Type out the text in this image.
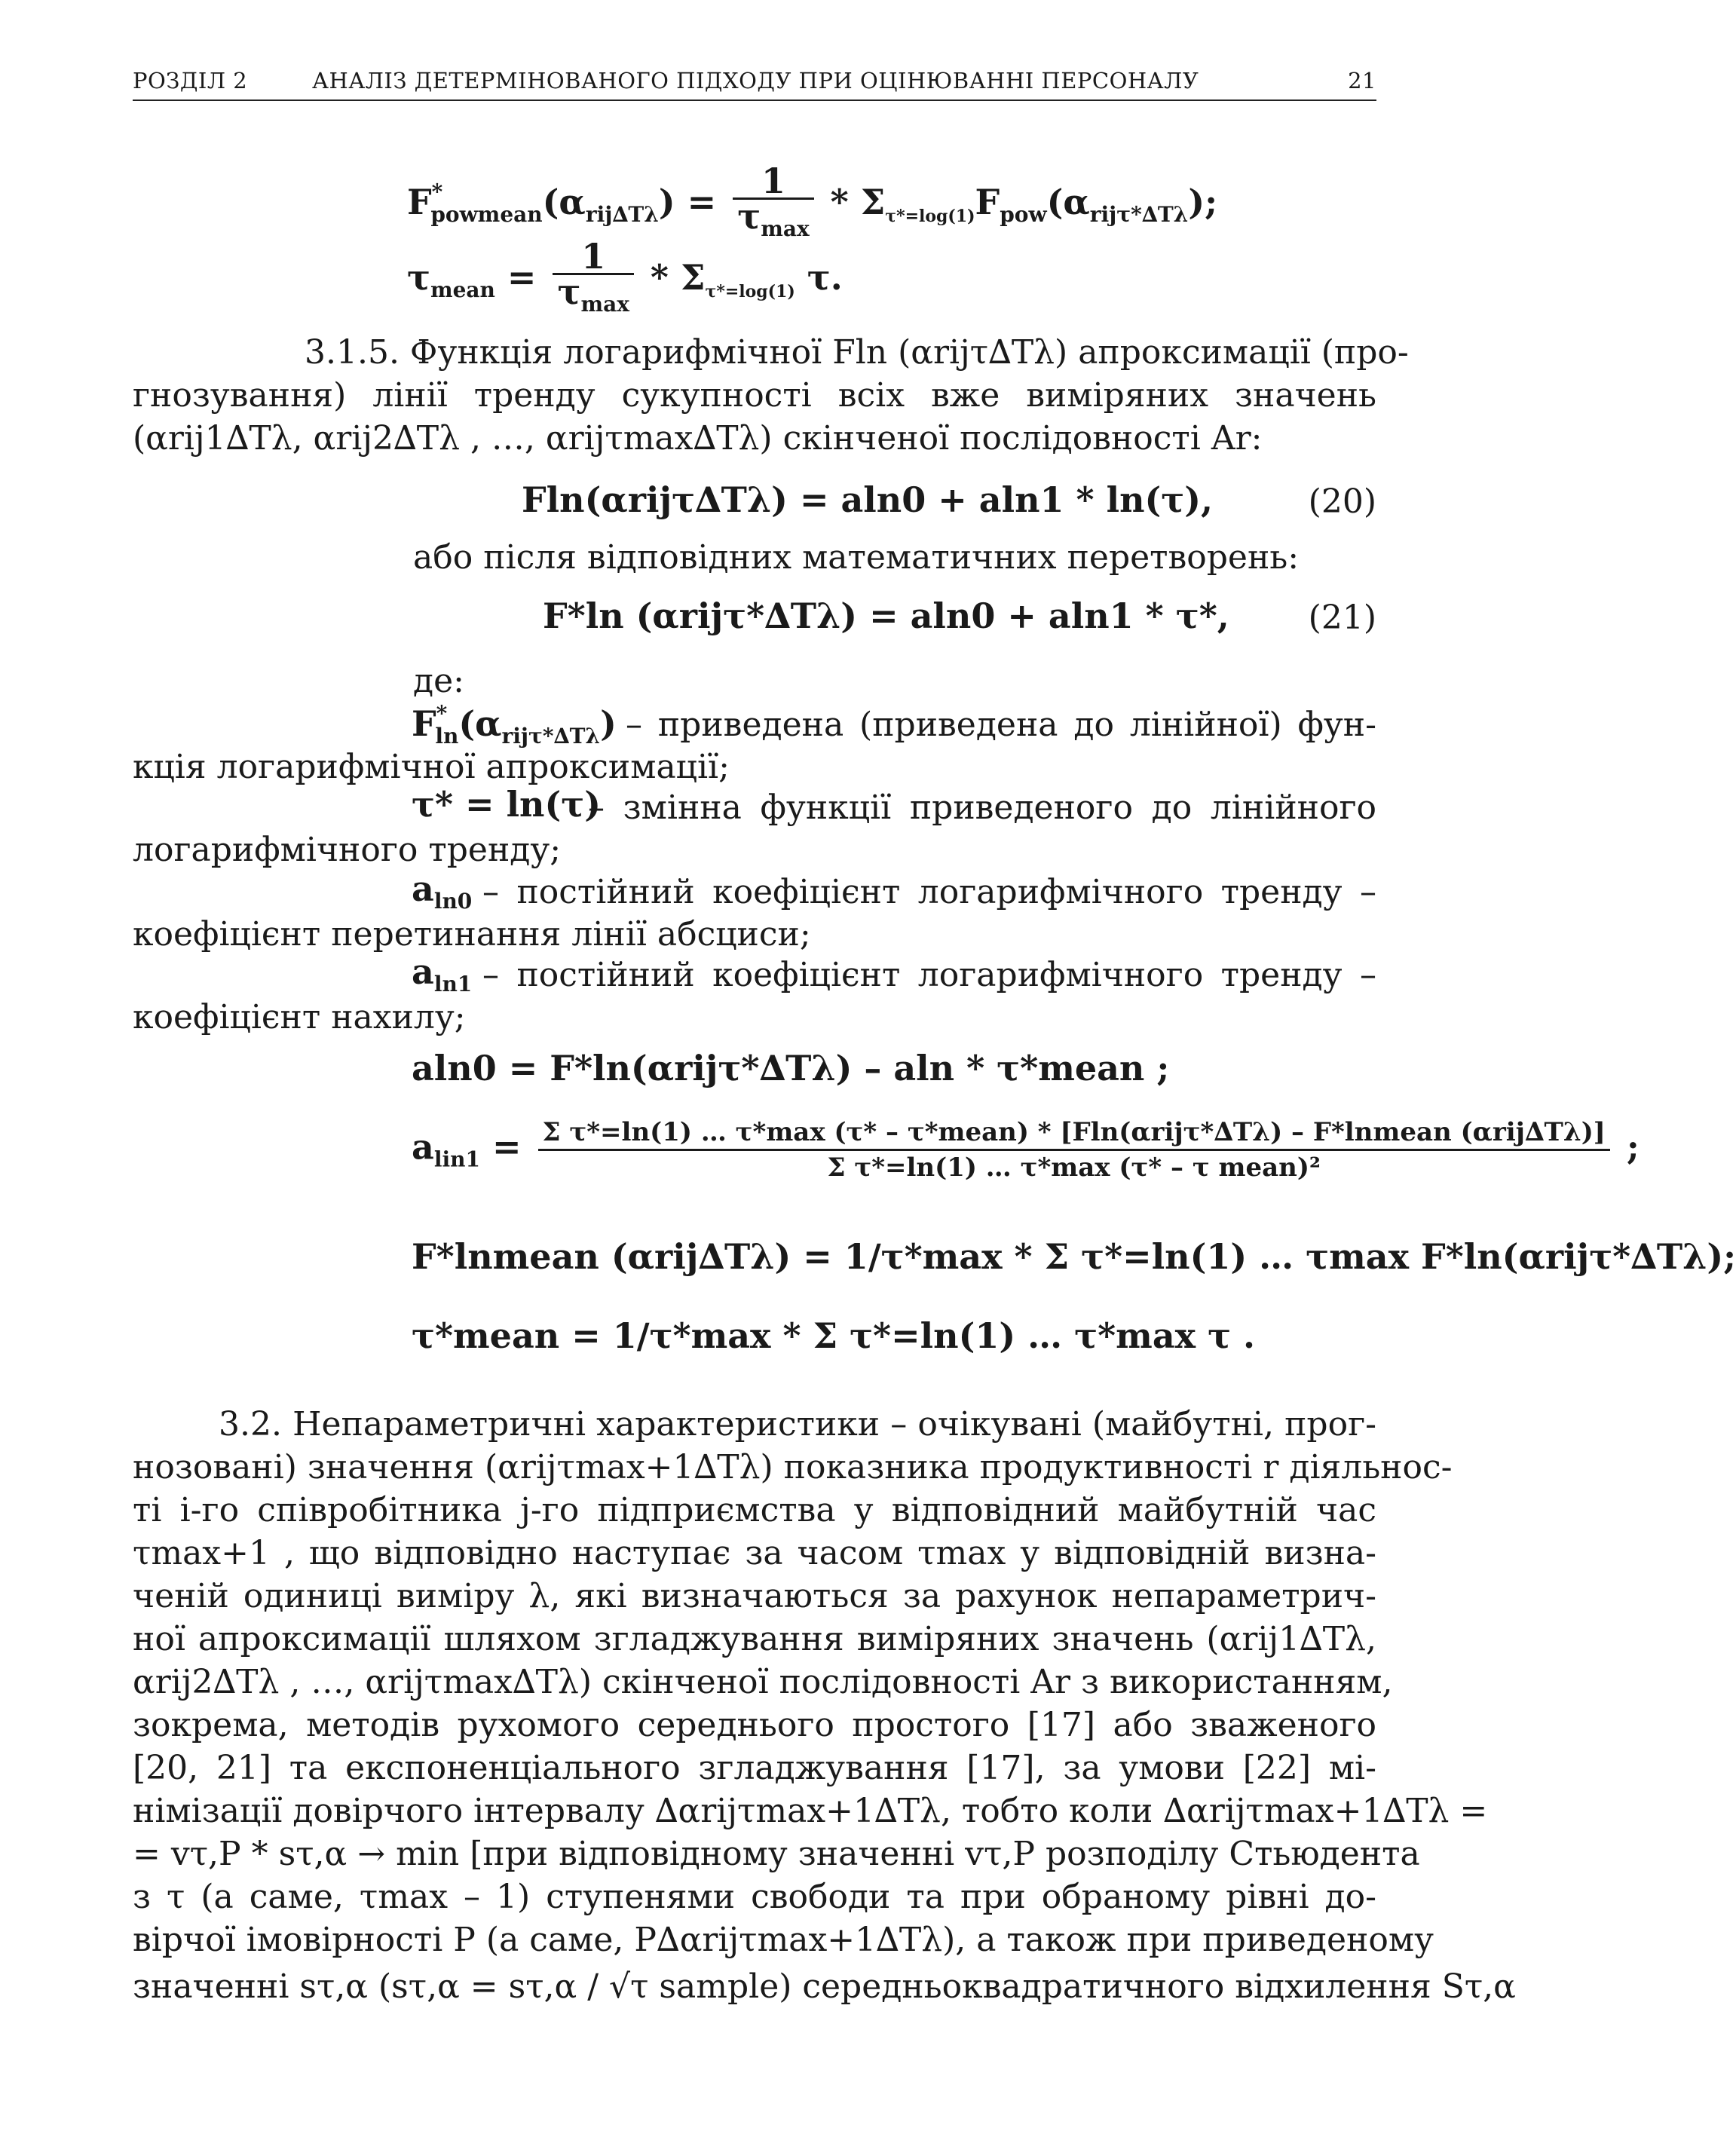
РОЗДІЛ 2	АНАЛІЗ ДЕТЕРМІНОВАНОГО ПІДХОДУ ПРИ ОЦІНЮВАННІ ПЕРСОНАЛУ	21
$F^*_{powmean}(\alpha_{rij\Delta T\lambda}) = \frac{1}{\tau_{max}} * \Sigma_{\tau*=log(1)}F_{pow}(\alpha_{rij\tau*\Delta T\lambda})$;
$\tau_{mean} = \frac{1}{\tau_{max}} * \Sigma_{\tau*=log(1)}$ τ.
3.1.5. Функція логарифмічної Fln (αrijτ∆Tλ) апроксимації (про-
гнозування) лінії тренду сукупності всіх вже виміряних значень
(αrij1∆Tλ, αrij2∆Tλ , …, αrijτmax∆Tλ) скінченої послідовності Ar:
Fln(αrijτ∆Tλ) = aln0 + aln1 * ln(τ),	(20)
або після відповідних математичних перетворень:
F*ln (αrijτ*∆Tλ) = aln0 + aln1 * τ*, (21)
де:
$F^*_{ln}(\alpha_{rij\tau*\Delta T\lambda})$ – приведена (приведена до лінійної) фун-
кція логарифмічної апроксимації;
τ* = ln(τ)
– змінна функції приведеного до лінійного
логарифмічного тренду;
$a_{ln0}$ – постійний коефіцієнт логарифмічного тренду –
коефіцієнт перетинання лінії абсциси;
$a_{ln1}$ – постійний коефіцієнт логарифмічного тренду –
коефіцієнт нахилу;
aln0 = F*ln(αrijτ*∆Tλ) – aln * τ*mean ;
$a_{lin1} = \Sigma$ τ*=ln(1) … τ*max (τ* – τ*mean) * [Fln(αrijτ*∆Tλ) – F*lnmean (αrij∆Tλ)]
Σ τ*=ln(1) … τ*max (τ* – τ mean)²
;
F*lnmean (αrij∆Tλ) = 1/τ*max * Σ τ*=ln(1) … τmax F*ln(αrijτ*∆Tλ);
τ*mean = 1/τ*max * Σ τ*=ln(1) … τ*max τ .
3.2. Непараметричні характеристики – очікувані (майбутні, прог-
нозовані) значення (αrijτmax+1∆Tλ) показника продуктивності r діяльнос-
ті i-го співробітника j-го підприємства у відповідний майбутній час
τmax+1 , що відповідно наступає за часом τmax у відповідній визна-
ченій одиниці виміру λ, які визначаються за рахунок непараметрич-
ної апроксимації шляхом згладжування виміряних значень (αrij1∆Tλ,
αrij2∆Tλ , …, αrijτmax∆Tλ) скінченої послідовності Ar з використанням,
зокрема, методів рухомого середнього простого [17] або зваженого
[20, 21] та експоненціального згладжування [17], за умови [22] мі-
німізації довірчого інтервалу ∆αrijτmax+1∆Tλ, тобто коли ∆αrijτmax+1∆Tλ =
= vτ,P * sτ,α → min [при відповідному значенні vτ,P розподілу Стьюдента
з τ (а саме, τmax – 1) ступенями свободи та при обраному рівні до-
вірчої імовірності P (а саме, P∆αrijτmax+1∆Tλ), а також при приведеному
значенні sτ,α (sτ,α = sτ,α / √τ sample) середньоквадратичного відхилення Sτ,α
